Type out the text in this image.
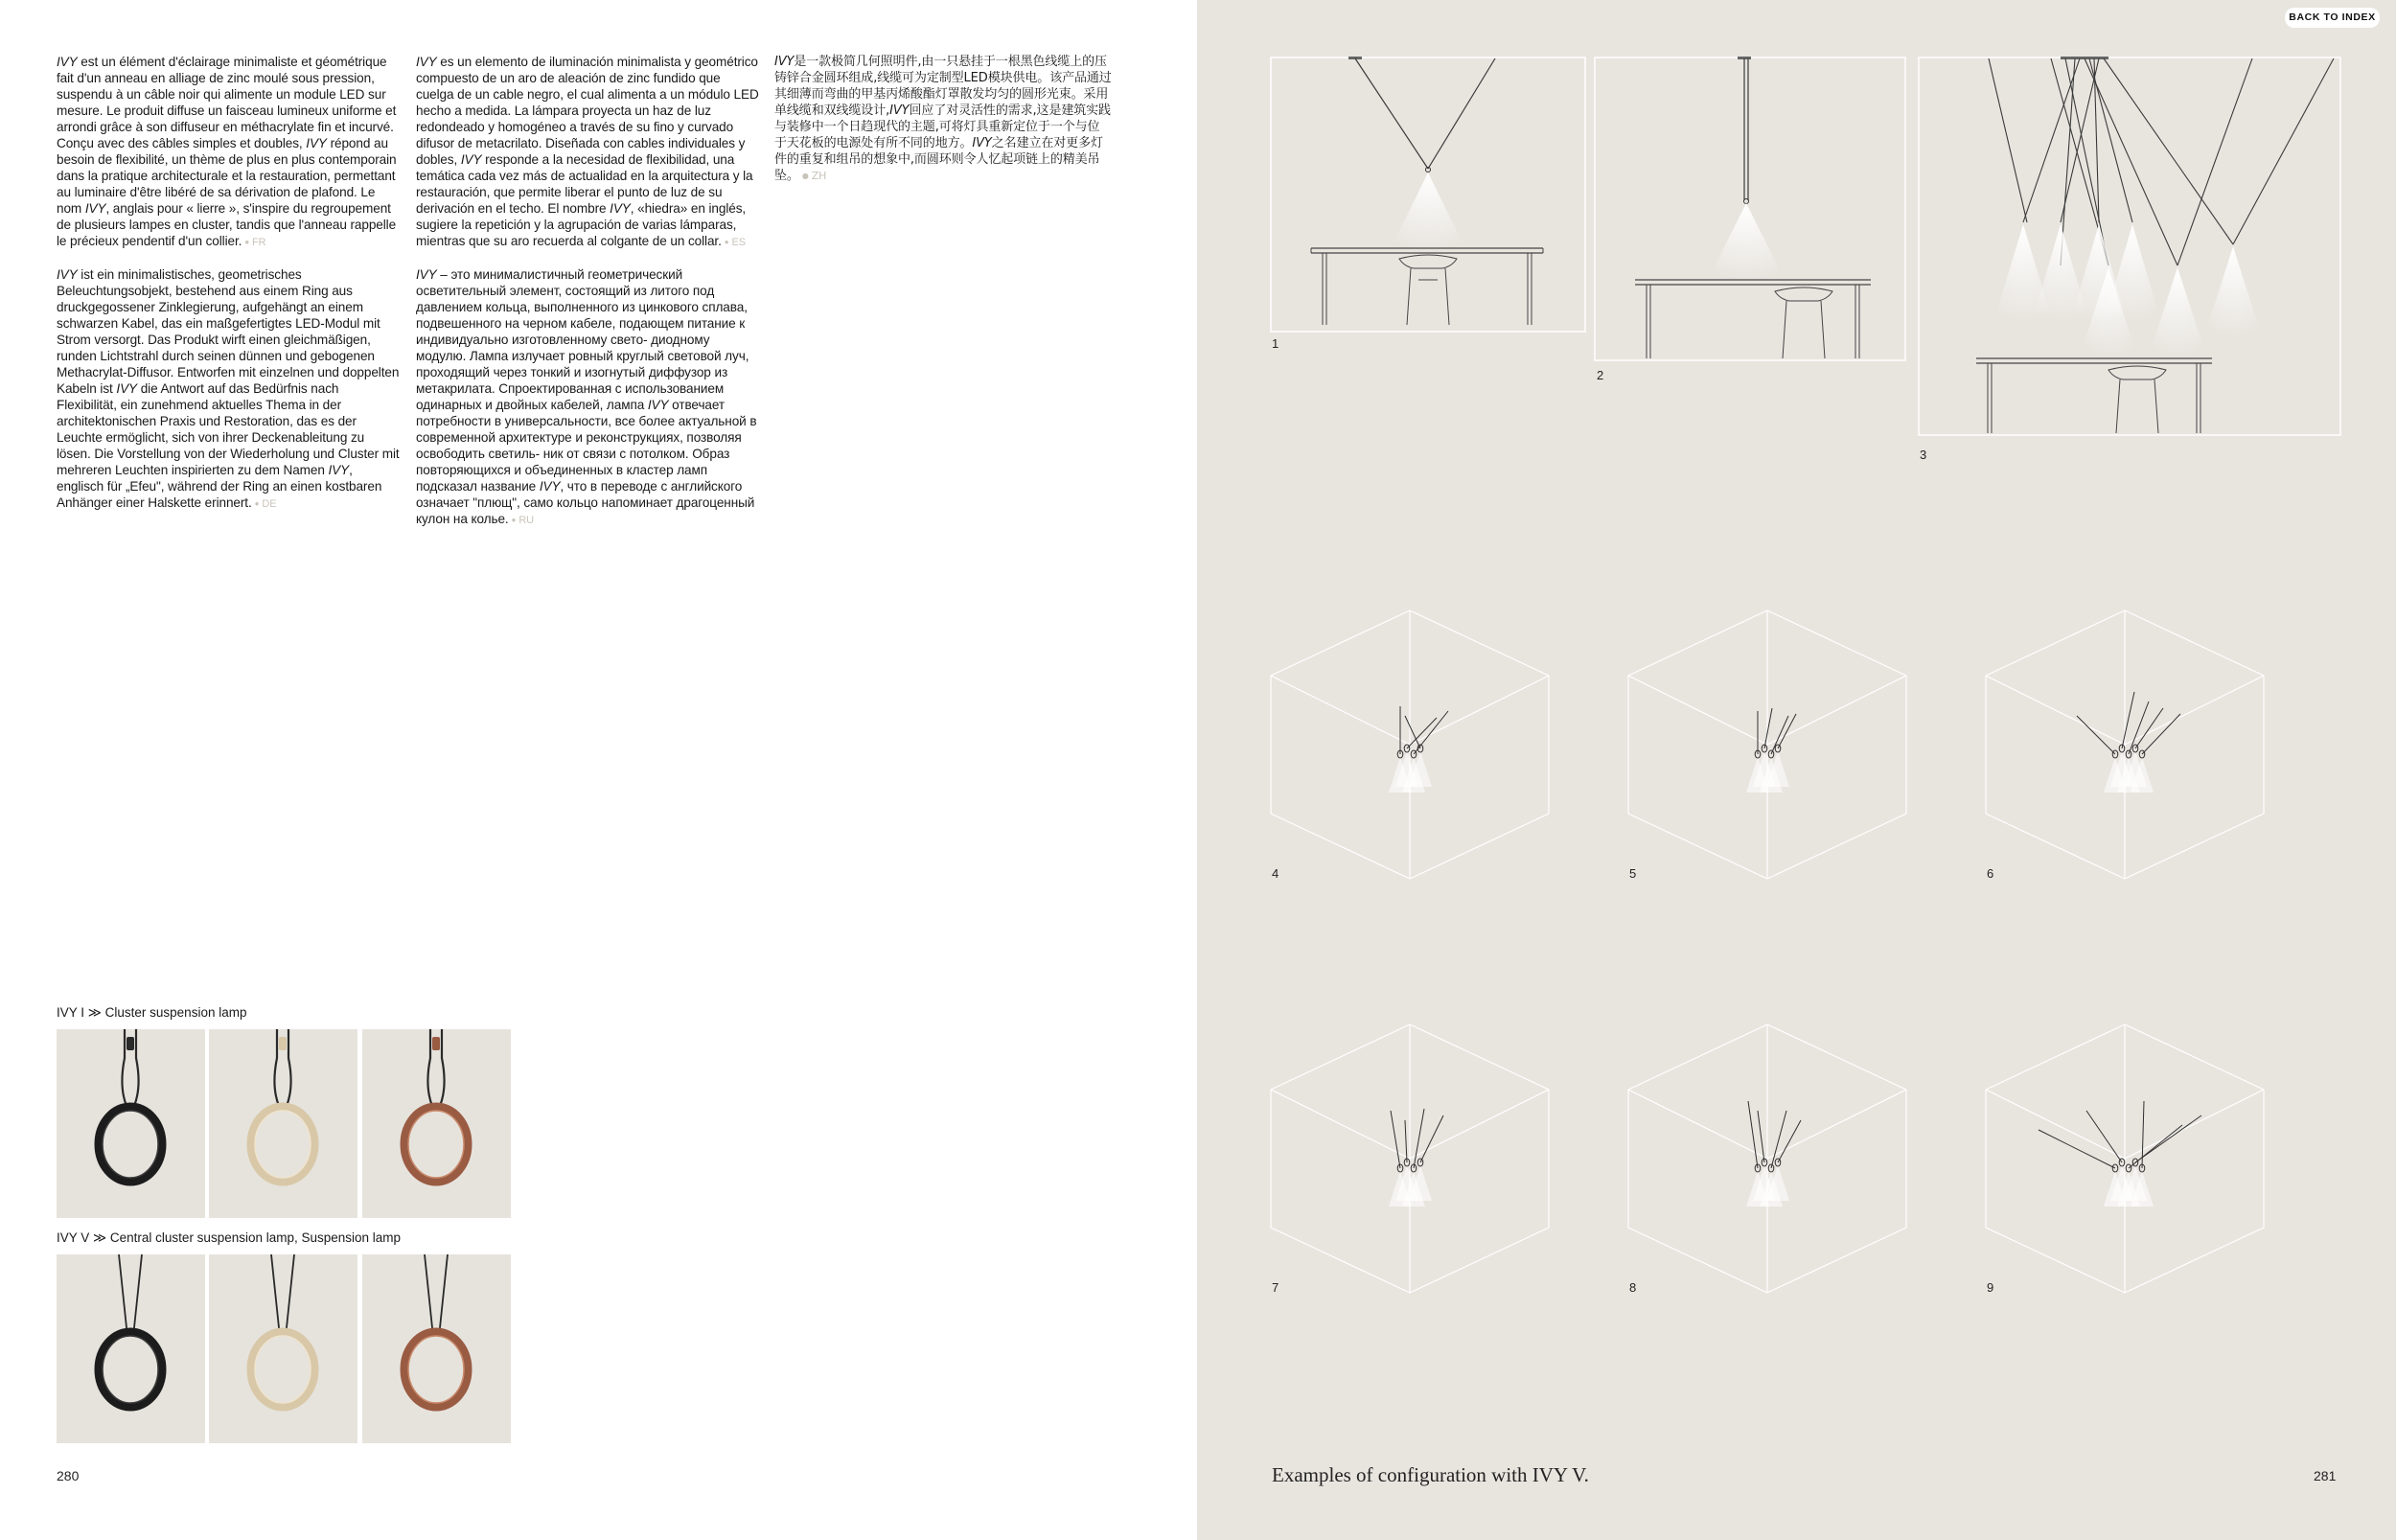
IVY est un élément d'éclairage minimaliste et géométrique fait d'un anneau en alliage de zinc moulé sous pression, suspendu à un câble noir qui alimente un module LED sur mesure. Le produit diffuse un faisceau lumineux uniforme et arrondi grâce à son diffuseur en méthacrylate fin et incurvé. Conçu avec des câbles simples et doubles, IVY répond au besoin de flexibilité, un thème de plus en plus contemporain dans la pratique architecturale et la restauration, permettant au luminaire d'être libéré de sa dérivation de plafond. Le nom IVY, anglais pour « lierre », s'inspire du regroupement de plusieurs lampes en cluster, tandis que l'anneau rappelle le précieux pendentif d'un collier. ● FR

IVY ist ein minimalistisches, geometrisches Beleuchtungsobjekt, bestehend aus einem Ring aus druckgegossener Zinklegierung, aufgehängt an einem schwarzen Kabel, das ein maßgefertigtes LED-Modul mit Strom versorgt. Das Produkt wirft einen gleichmäßigen, runden Lichtstrahl durch seinen dünnen und gebogenen Methacrylat-Diffusor. Entworfen mit einzelnen und doppelten Kabeln ist IVY die Antwort auf das Bedürfnis nach Flexibilität, ein zunehmend aktuelles Thema in der architektonischen Praxis und Restoration, das es der Leuchte ermöglicht, sich von ihrer Deckenableitung zu lösen. Die Vorstellung von der Wiederholung und Cluster mit mehreren Leuchten inspirierten zu dem Namen IVY, englisch für „Efeu", während der Ring an einen kostbaren Anhänger einer Halskette erinnert. ● DE

IVY es un elemento de iluminación minimalista y geométrico compuesto de un aro de aleación de zinc fundido que cuelga de un cable negro, el cual alimenta a un módulo LED hecho a medida. La lámpara proyecta un haz de luz redondeado y homogéneo a través de su fino y curvado difusor de metacrilato. Diseñada con cables individuales y dobles, IVY responde a la necesidad de flexibilidad, una temática cada vez más de actualidad en la arquitectura y la restauración, que permite liberar el punto de luz de su derivación en el techo. El nombre IVY, «hiedra» en inglés, sugiere la repetición y la agrupación de varias lámparas, mientras que su aro recuerda al colgante de un collar. ● ES

IVY – это минималистичный геометрический осветительный элемент, состоящий из литого под давлением кольца, выполненного из цинкового сплава, подвешенного на черном кабеле, подающем питание к индивидуально изготовленному свето- диодному модулю. Лампа излучает ровный круглый световой луч, проходящий через тонкий и изогнутый диффузор из метакрилата. Спроектированная с использованием одинарных и двойных кабелей, лампа IVY отвечает потребности в универсальности, все более актуальной в современной архитектуре и реконструкциях, позволяя освободить светиль- ник от связи с потолком. Образ повторяющихся и объединенных в кластер ламп подсказал название IVY, что в переводе с английского означает "плющ", само кольцо напоминает драгоценный кулон на колье. ● RU

IVY是一款极简几何照明件,由一只悬挂于一根黑色线缆上的压铸锌合金圆环组成,线缆可为定制型LED模块供电。该产品通过其细薄而弯曲的甲基丙烯酸酯灯罩散发均匀的圆形光束。采用单线缆和双线缆设计,IVY回应了对灵活性的需求,这是建筑实践与装修中一个日趋现代的主题,可将灯具重新定位于一个与位于天花板的电源处有所不同的地方。IVY之名建立在对更多灯件的重复和组吊的想象中,而圆环则令人忆起项链上的精美吊坠。 ● ZH

IVY I ≫ Cluster suspension lamp
IVY V ≫ Central cluster suspension lamp, Suspension lamp
280
BACK TO INDEX
1
2
3
4	5	6
7	8	9
Examples of configuration with IVY V.	281
